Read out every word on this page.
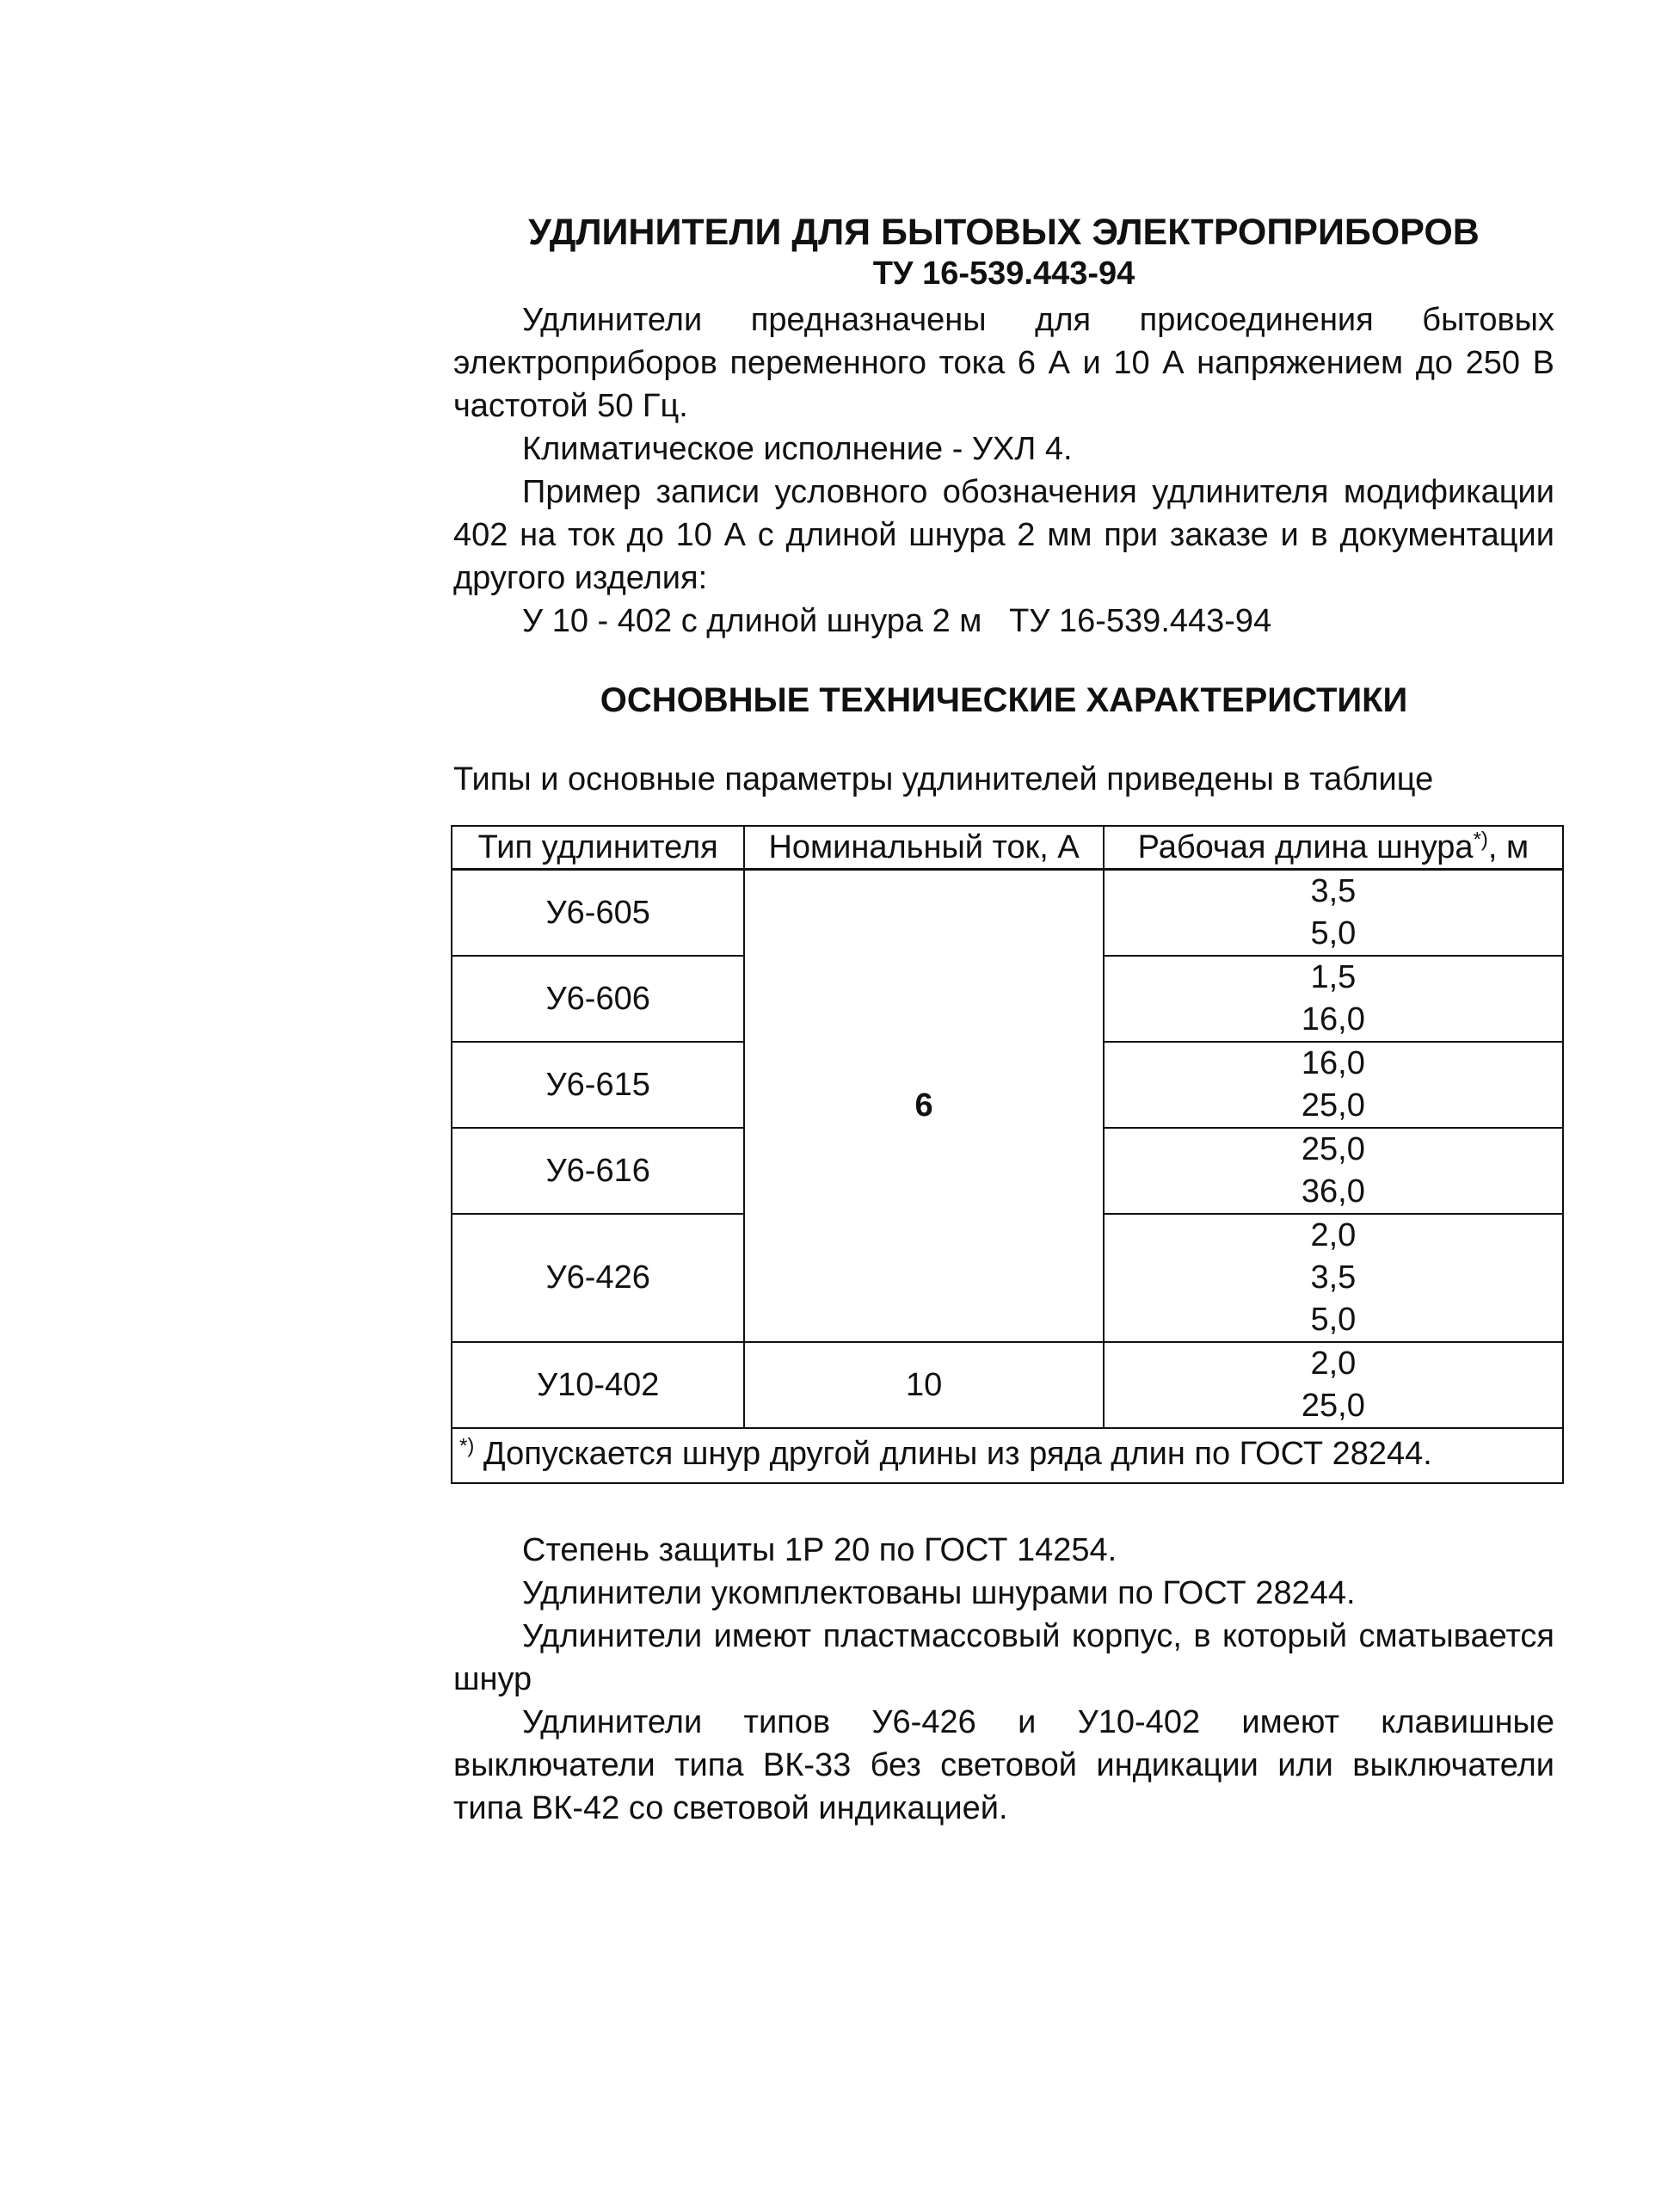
УДЛИНИТЕЛИ ДЛЯ БЫТОВЫХ ЭЛЕКТРОПРИБОРОВ
ТУ 16-539.443-94

Удлинители предназначены для присоединения бытовых электроприборов переменного тока 6 А и 10 А напряжением до 250 В частотой 50 Гц.

Климатическое исполнение - УХЛ 4.

Пример записи условного обозначения удлинителя модификации 402 на ток до 10 А с длиной шнура 2 мм при заказе и в документации другого изделия:

У 10 - 402 с длиной шнура 2 м   ТУ 16-539.443-94

ОСНОВНЫЕ ТЕХНИЧЕСКИЕ ХАРАКТЕРИСТИКИ

Типы и основные параметры удлинителей приведены в таблице

Тип удлинителя	Номинальный ток, А	Рабочая длина шнура*), м
У6-605	6	3,5
5,0

У6-606		1,5
16,0

У6-615		16,0
25,0

У6-616		25,0
36,0

У6-426		2,0
3,5
5,0

У10-402	10	2,0
25,0

*) Допускается шнур другой длины из ряда длин по ГОСТ 28244.		

Степень защиты 1Р 20 по ГОСТ 14254.

Удлинители укомплектованы шнурами по ГОСТ 28244.

Удлинители имеют пластмассовый корпус, в который сматывается шнур

Удлинители типов У6-426 и У10-402 имеют клавишные выключатели типа ВК-33 без световой индикации или выключатели типа ВК-42 со световой индикацией.
